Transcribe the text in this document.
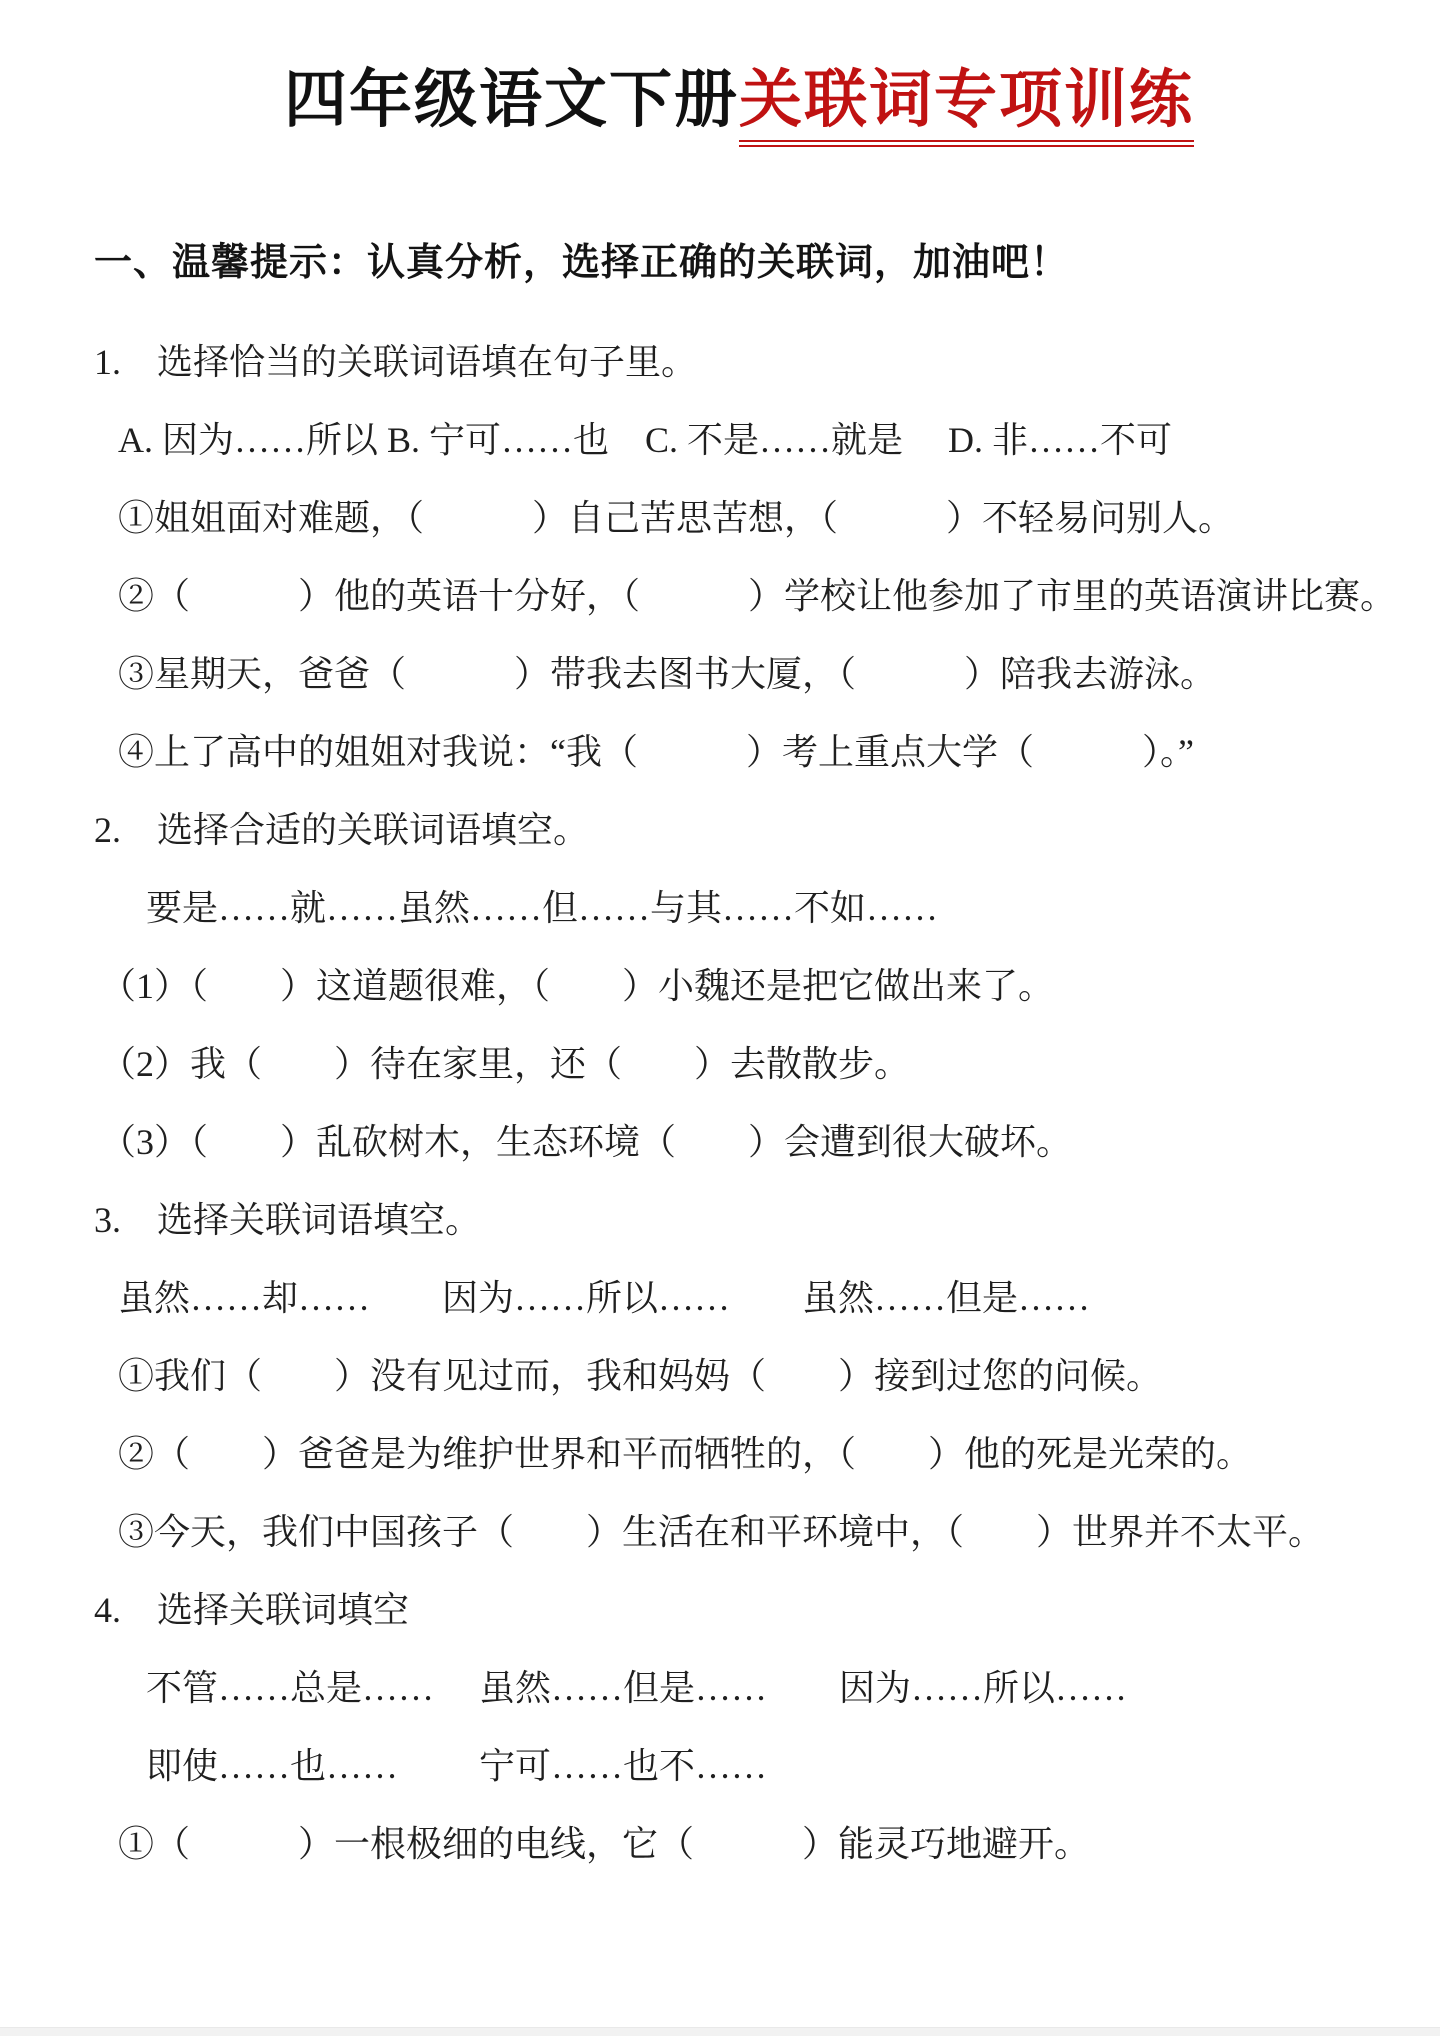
四年级语文下册关联词专项训练
一、温馨提示：认真分析，选择正确的关联词，加油吧！
1.　选择恰当的关联词语填在句子里。
A. 因为……所以 B. 宁可……也　C. 不是……就是　 D. 非……不可
①姐姐面对难题，（　　　）自己苦思苦想，（　　　）不轻易问别人。
②（　　　）他的英语十分好，（　　　）学校让他参加了市里的英语演讲比赛。
③星期天，爸爸（　　　）带我去图书大厦，（　　　）陪我去游泳。
④上了高中的姐姐对我说：“我（　　　）考上重点大学（　　　）。”
2.　选择合适的关联词语填空。
要是……就……虽然……但……与其……不如……
（1）（　　）这道题很难，（　　）小魏还是把它做出来了。
（2）我（　　）待在家里，还（　　）去散散步。
（3）（　　）乱砍树木，生态环境（　　）会遭到很大破坏。
3.　选择关联词语填空。
虽然……却……　　因为……所以……　　虽然……但是……
①我们（　　）没有见过而，我和妈妈（　　）接到过您的问候。
②（　　）爸爸是为维护世界和平而牺牲的，（　　）他的死是光荣的。
③今天，我们中国孩子（　　）生活在和平环境中，（　　）世界并不太平。
4.　选择关联词填空
不管……总是……　 虽然……但是……　　因为……所以……
即使……也……　　 宁可……也不……
①（　　　）一根极细的电线，它（　　　）能灵巧地避开。
